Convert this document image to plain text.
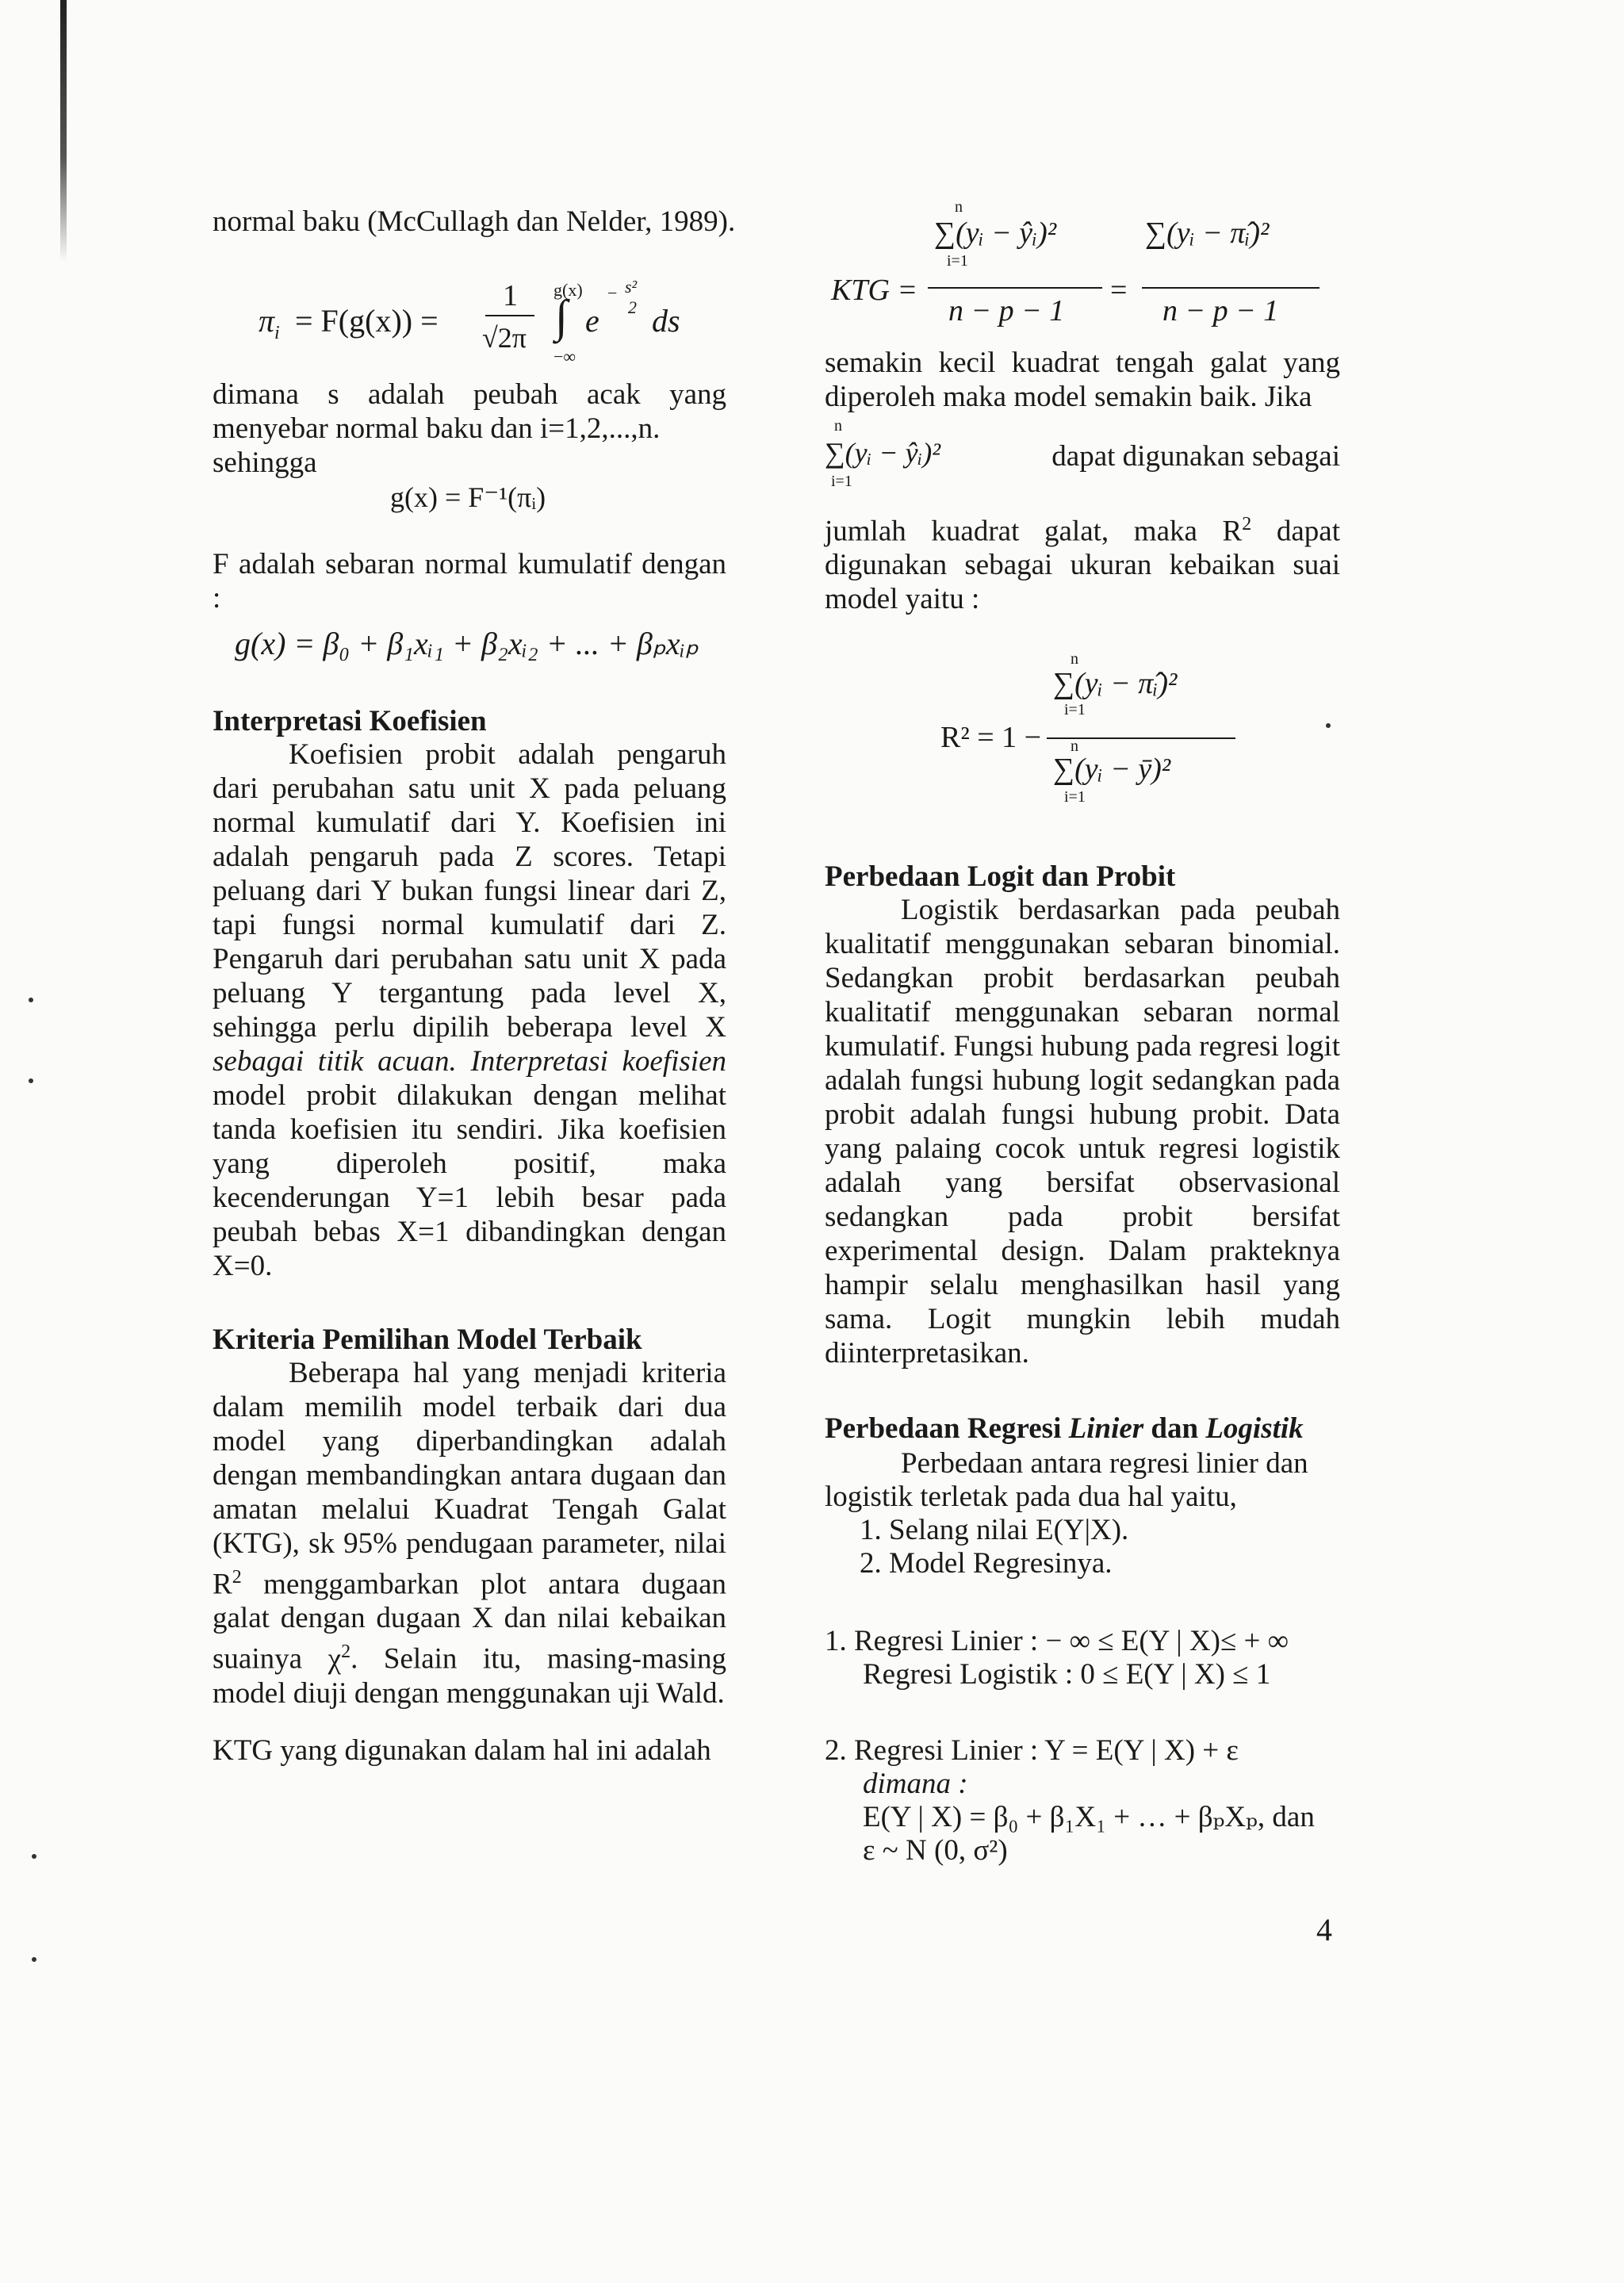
normal baku (McCullagh dan Nelder, 1989).
$\pi_i = F(g(x))$ =
1
√2π
g(x)
∫
−∞
e
− s²
2 ds

dimana s adalah peubah acak yang menyebar normal baku dan i=1,2,...,n.

sehingga
g(x) = F⁻¹(πᵢ)

F adalah sebaran normal kumulatif dengan :

g(x) = β₀ + β₁xᵢ₁ + β₂xᵢ₂ + ... + βₚxᵢₚ
Interpretasi Koefisien

Koefisien probit adalah pengaruh dari perubahan satu unit X pada peluang normal kumulatif dari Y. Koefisien ini adalah pengaruh pada Z scores. Tetapi peluang dari Y bukan fungsi linear dari Z, tapi fungsi normal kumulatif dari Z. Pengaruh dari perubahan satu unit X pada peluang Y tergantung pada level X, sehingga perlu dipilih beberapa level X sebagai titik acuan. Interpretasi koefisien model probit dilakukan dengan melihat tanda koefisien itu sendiri. Jika koefisien yang diperoleh positif, maka kecenderungan Y=1 lebih besar pada peubah bebas X=1 dibandingkan dengan X=0.

Kriteria Pemilihan Model Terbaik

Beberapa hal yang menjadi kriteria dalam memilih model terbaik dari dua model yang diperbandingkan adalah dengan membandingkan antara dugaan dan amatan melalui Kuadrat Tengah Galat (KTG), sk 95% pendugaan parameter, nilai $R^2$ menggambarkan plot antara dugaan galat dengan dugaan X dan nilai kebaikan suainya $\chi^2$. Selain itu, masing-masing model diuji dengan menggunakan uji Wald.

KTG yang digunakan dalam hal ini adalah
KTG =
n
∑(yᵢ − ŷᵢ)²
i=1
n − p − 1
=
∑(yᵢ − π̂ᵢ)²
n − p − 1

semakin kecil kuadrat tengah galat yang diperoleh maka model semakin baik. Jika

n
∑(yᵢ − ŷᵢ)²
i=1
dapat digunakan sebagai

jumlah kuadrat galat, maka $R^2$ dapat digunakan sebagai ukuran kebaikan suai model yaitu :

R² = 1 −
n
∑(yᵢ − π̂ᵢ)²
i=1
n
∑(yᵢ − ȳ)²
i=1
Perbedaan Logit dan Probit

Logistik berdasarkan pada peubah kualitatif menggunakan sebaran binomial. Sedangkan probit berdasarkan peubah kualitatif menggunakan sebaran normal kumulatif. Fungsi hubung pada regresi logit adalah fungsi hubung logit sedangkan pada probit adalah fungsi hubung probit. Data yang palaing cocok untuk regresi logistik adalah yang bersifat observasional sedangkan pada probit bersifat experimental design. Dalam prakteknya hampir selalu menghasilkan hasil yang sama. Logit mungkin lebih mudah diinterpretasikan.

Perbedaan Regresi Linier dan Logistik
Perbedaan antara regresi linier dan
logistik terletak pada dua hal yaitu,
1. Selang nilai E(Y|X).
2. Model Regresinya.
1. Regresi Linier : − ∞ ≤ E(Y | X)≤ + ∞
Regresi Logistik : 0 ≤ E(Y | X) ≤ 1
2. Regresi Linier : Y = E(Y | X) + ε
dimana :
E(Y | X) = β₀ + β₁X₁ + … + βₚXₚ, dan
ε ~ N (0, σ²)
4
